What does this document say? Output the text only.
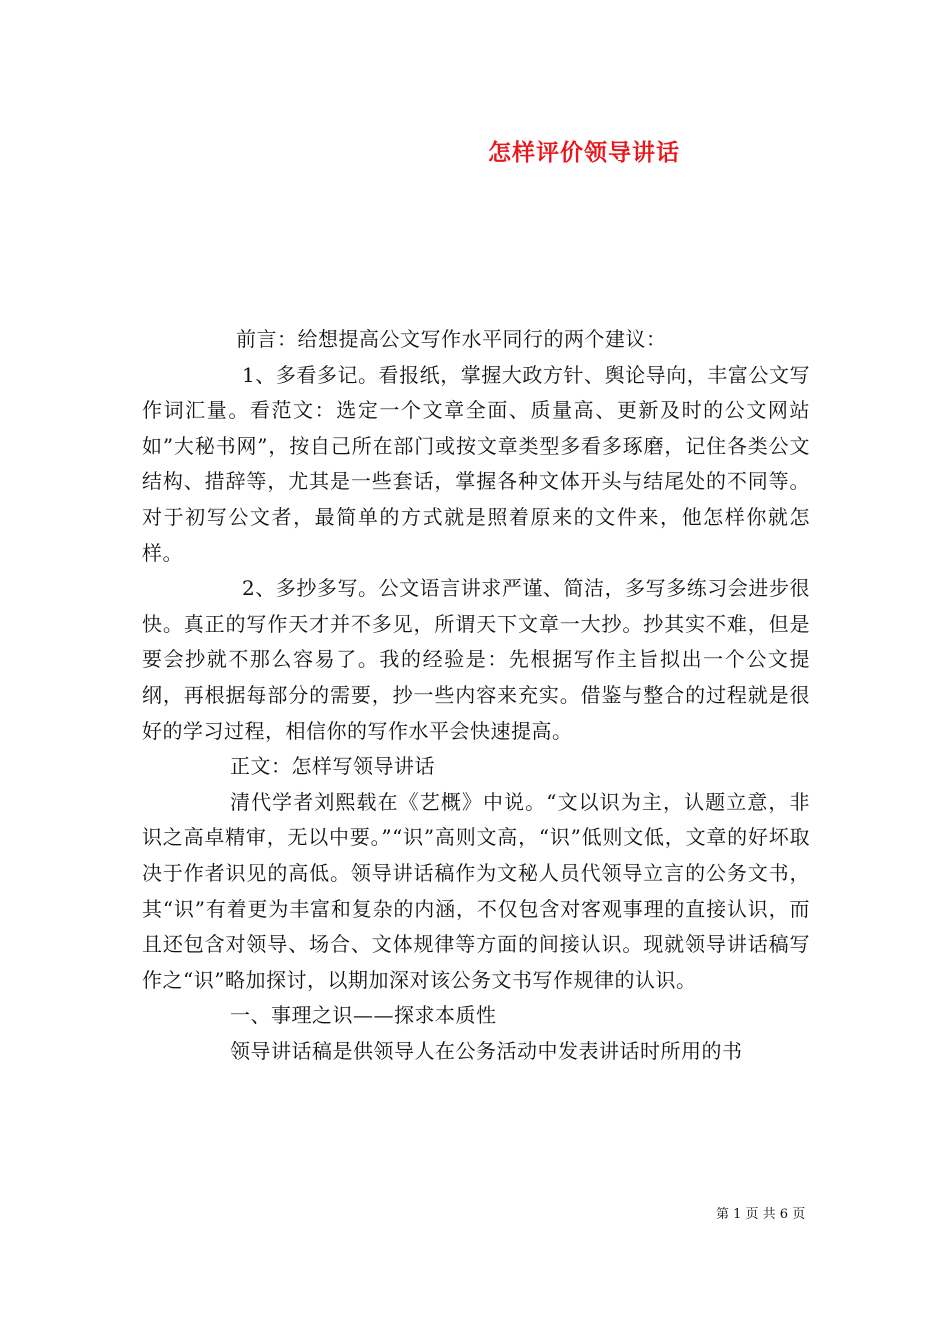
怎样评价领导讲话

前言：给想提高公文写作水平同行的两个建议：

1、多看多记。看报纸，掌握大政方针、舆论导向，丰富公文写作词汇量。看范文：选定一个文章全面、质量高、更新及时的公文网站如”大秘书网”，按自己所在部门或按文章类型多看多琢磨，记住各类公文结构、措辞等，尤其是一些套话，掌握各种文体开头与结尾处的不同等。对于初写公文者，最简单的方式就是照着原来的文件来，他怎样你就怎样。

2、多抄多写。公文语言讲求严谨、简洁，多写多练习会进步很快。真正的写作天才并不多见，所谓天下文章一大抄。抄其实不难，但是要会抄就不那么容易了。我的经验是：先根据写作主旨拟出一个公文提纲，再根据每部分的需要，抄一些内容来充实。借鉴与整合的过程就是很好的学习过程，相信你的写作水平会快速提高。

正文：怎样写领导讲话

清代学者刘熙载在《艺概》中说。“文以识为主，认题立意，非识之高卓精审，无以中要。”“识”高则文高，“识”低则文低，文章的好坏取决于作者识见的高低。领导讲话稿作为文秘人员代领导立言的公务文书，其“识”有着更为丰富和复杂的内涵，不仅包含对客观事理的直接认识，而且还包含对领导、场合、文体规律等方面的间接认识。现就领导讲话稿写作之“识”略加探讨，以期加深对该公务文书写作规律的认识。

一、事理之识——探求本质性

领导讲话稿是供领导人在公务活动中发表讲话时所用的书

第 1 页 共 6 页
